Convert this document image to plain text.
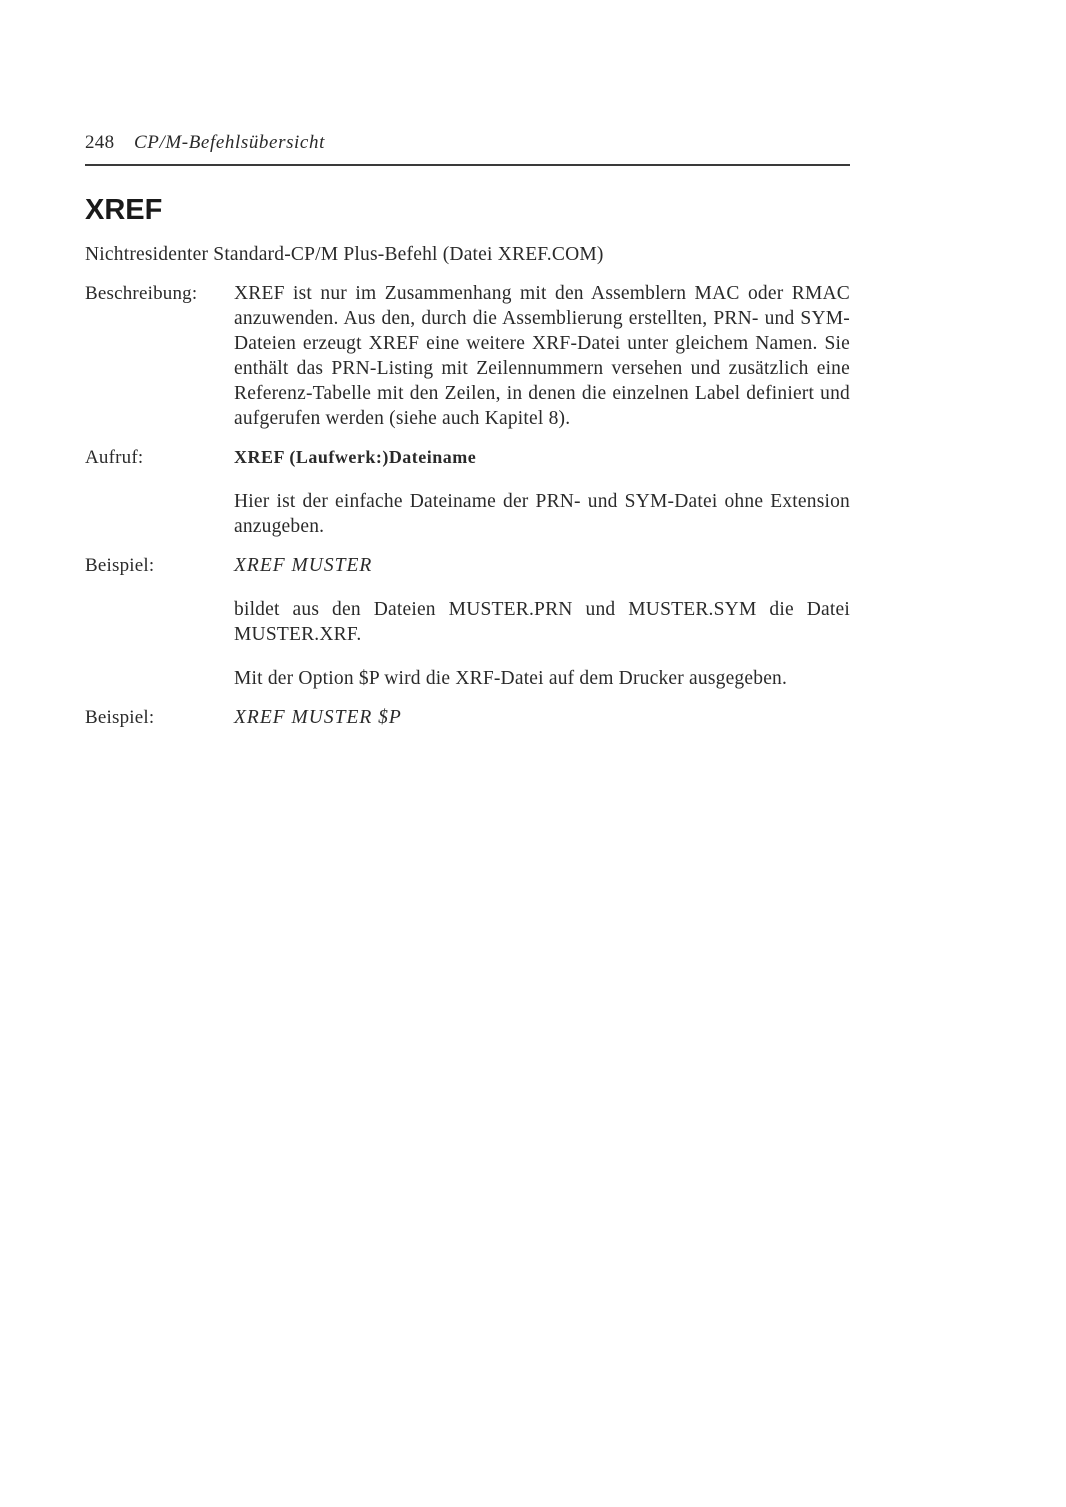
248 CP/M-Befehlsübersicht
XREF

Nichtresidenter Standard-CP/M Plus-Befehl (Datei XREF.COM)

Beschreibung: XREF ist nur im Zusammenhang mit den Assemblern MAC oder RMAC anzuwenden. Aus den, durch die Assemblierung erstellten, PRN- und SYM-Dateien erzeugt XREF eine weitere XRF-Datei unter gleichem Namen. Sie enthält das PRN-Listing mit Zeilennummern versehen und zusätzlich eine Referenz-Tabelle mit den Zeilen, in denen die einzelnen Label definiert und aufgerufen werden (siehe auch Kapitel 8).

Aufruf:	XREF (Laufwerk:)Dateiname

Hier ist der einfache Dateiname der PRN- und SYM-Datei ohne Extension anzugeben.

Beispiel:	XREF MUSTER

bildet aus den Dateien MUSTER.PRN und MUSTER.SYM die Datei MUSTER.XRF.

Mit der Option $P wird die XRF-Datei auf dem Drucker ausgegeben.

Beispiel:	XREF MUSTER $P
